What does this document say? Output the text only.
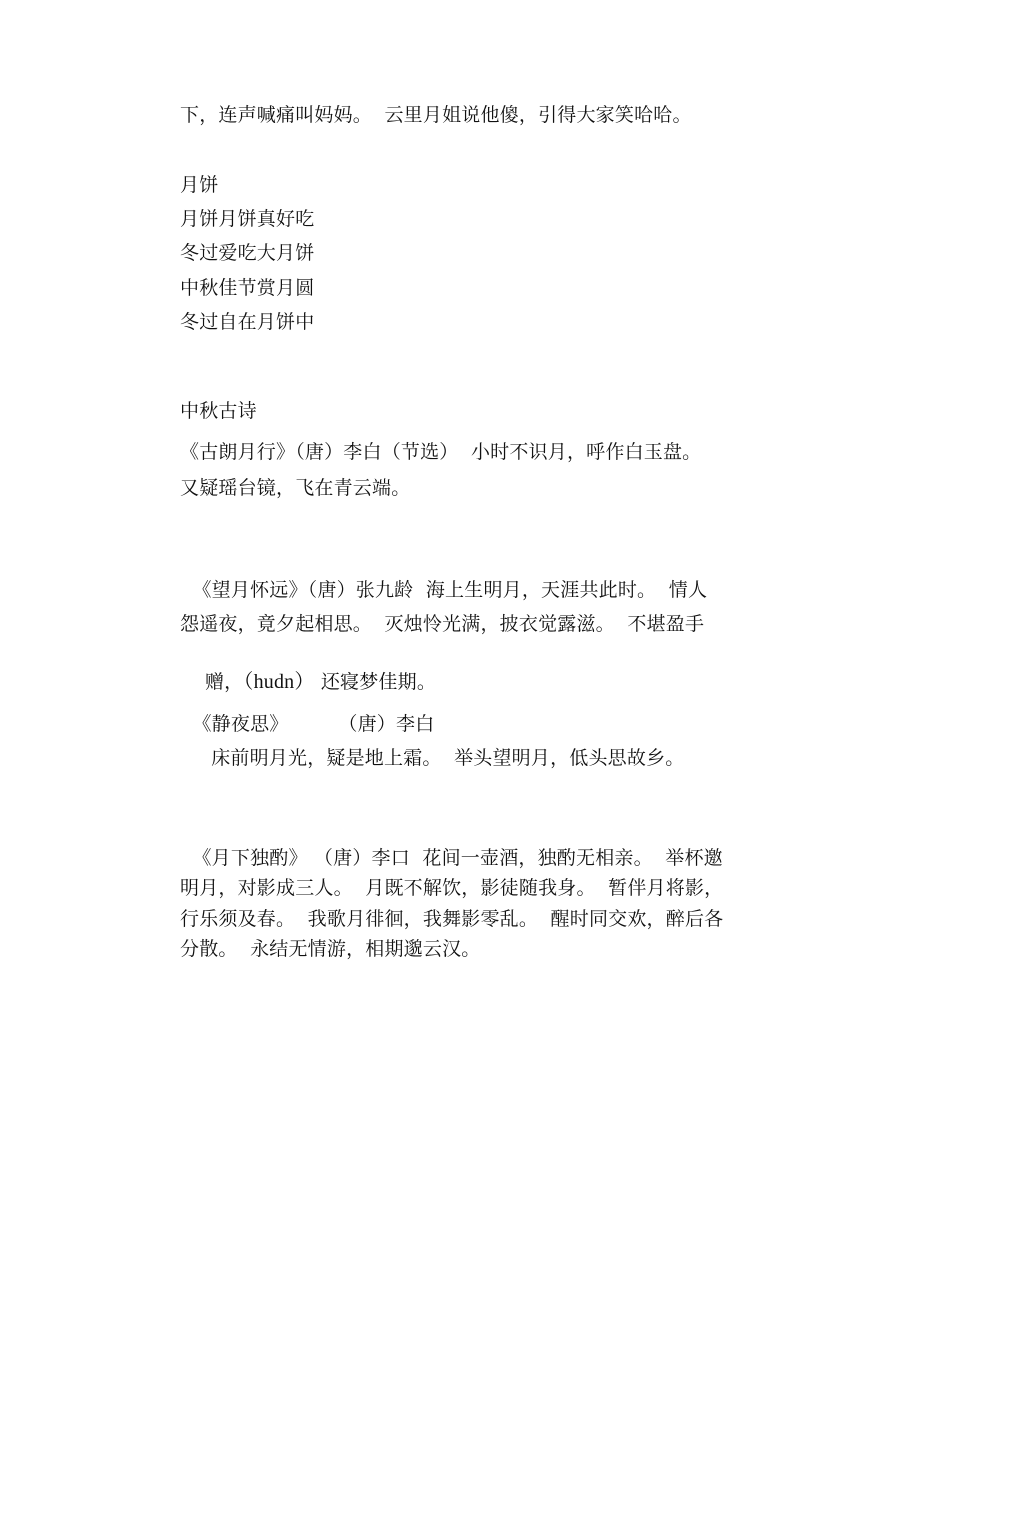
下，连声喊痛叫妈妈。  云里月姐说他傻，引得大家笑哈哈。
月饼
月饼月饼真好吃
冬过爱吃大月饼
中秋佳节赏月圆
冬过自在月饼中
中秋古诗
《古朗月行》（唐）李白（节选）  小时不识月，呼作白玉盘。
又疑瑶台镜，飞在青云端。
《望月怀远》（唐）张九龄  海上生明月，天涯共此时。  情人
怨遥夜，竟夕起相思。  灭烛怜光满，披衣觉露滋。  不堪盈手

赠，（hudn） 还寝梦佳期。

《静夜思》        （唐）李白
床前明月光，疑是地上霜。  举头望明月，低头思故乡。
《月下独酌》 （唐）李口  花间一壶酒，独酌无相亲。  举杯邀
明月，对影成三人。  月既不解饮，影徒随我身。  暂伴月将影，
行乐须及春。  我歌月徘徊，我舞影零乱。  醒时同交欢，醉后各
分散。  永结无情游，相期邈云汉。
